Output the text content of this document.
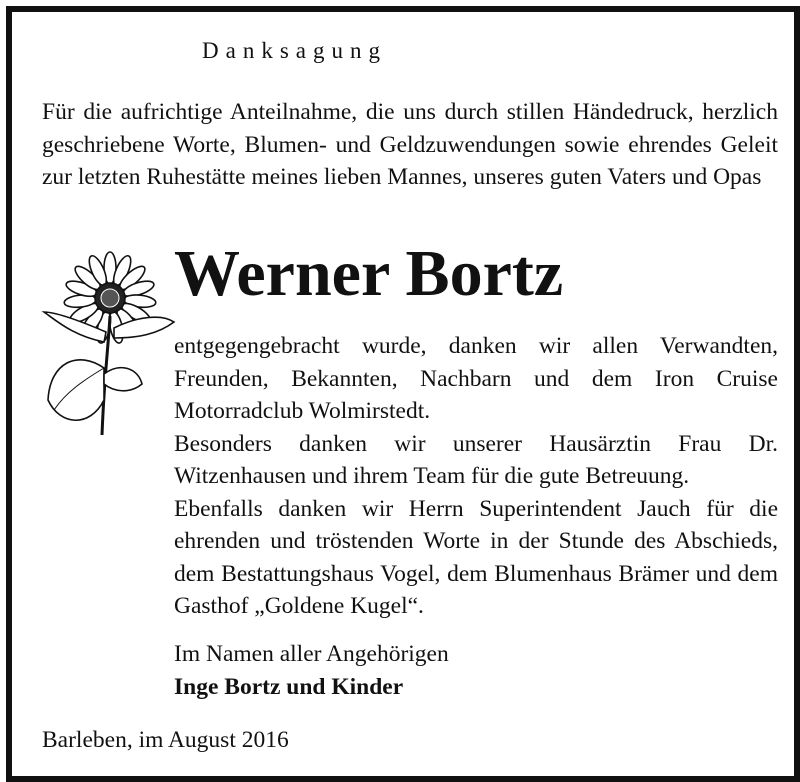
Danksagung
Für die aufrichtige Anteilnahme, die uns durch stillen Händedruck, herzlich geschriebene Worte, Blumen- und Geldzuwendungen sowie ehrendes Geleit zur letzten Ruhestätte meines lieben Mannes, unseres guten Vaters und Opas
Werner Bortz

entgegengebracht wurde, danken wir allen Verwandten, Freunden, Bekannten, Nachbarn und dem Iron Cruise Motorradclub Wolmirstedt.

Besonders danken wir unserer Hausärztin Frau Dr. Witzenhausen und ihrem Team für die gute Betreuung.

Ebenfalls danken wir Herrn Superintendent Jauch für die ehrenden und tröstenden Worte in der Stunde des Abschieds, dem Bestattungshaus Vogel, dem Blumenhaus Brämer und dem Gasthof „Goldene Kugel“.

Im Namen aller Angehörigen
Inge Bortz und Kinder
Barleben, im August 2016
